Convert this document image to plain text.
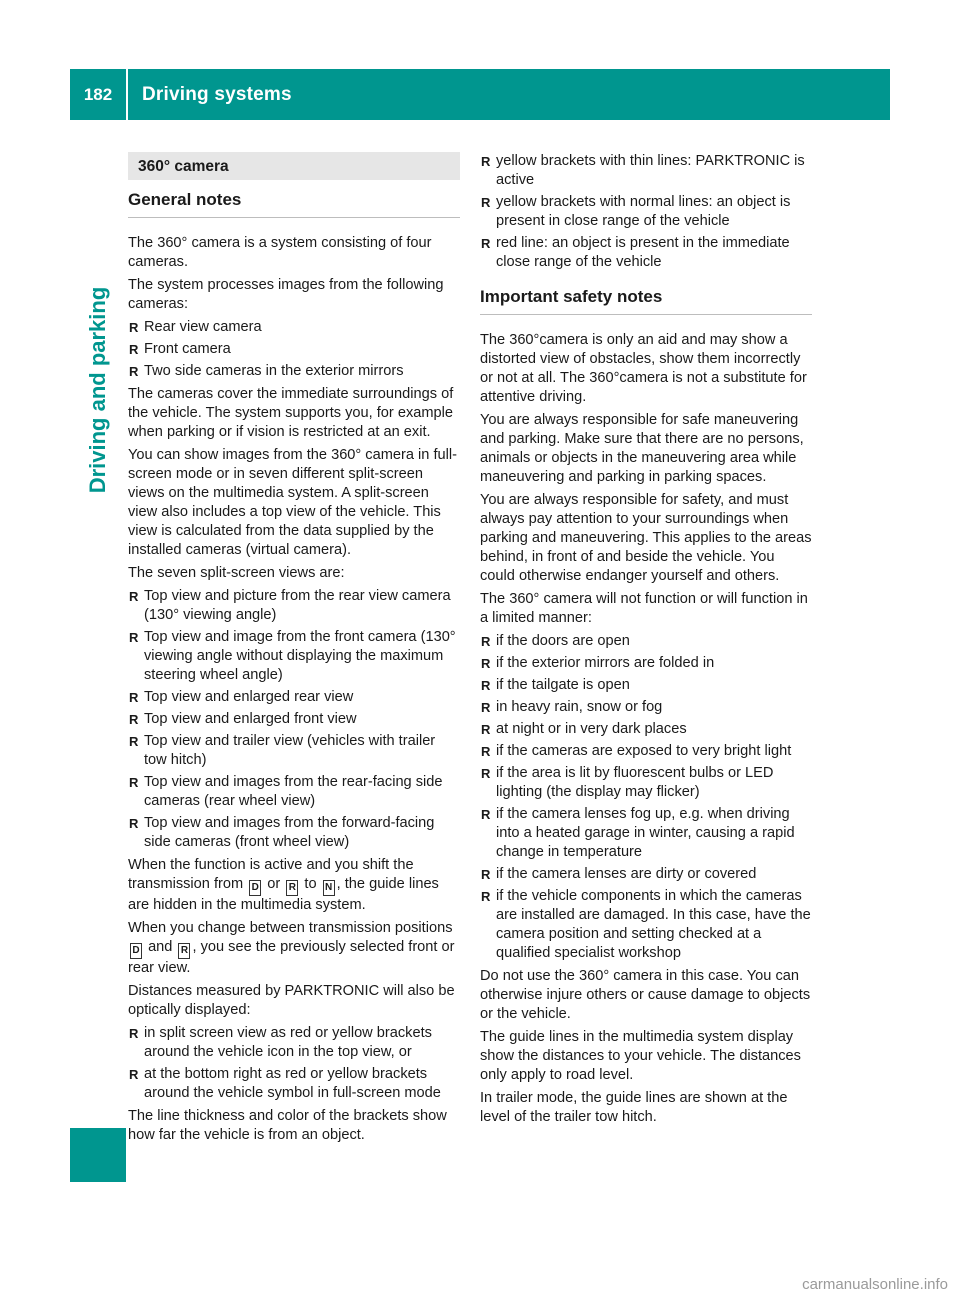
182	Driving systems
Driving and parking
360° camera
General notes

The 360° camera is a system consisting of four cameras.

The system processes images from the following cameras:

R Rear view camera
R Front camera
R Two side cameras in the exterior mirrors

The cameras cover the immediate surroundings of the vehicle. The system supports you, for example when parking or if vision is restricted at an exit.

You can show images from the 360° camera in full-screen mode or in seven different split-screen views on the multimedia system. A split-screen view also includes a top view of the vehicle. This view is calculated from the data supplied by the installed cameras (virtual camera).

The seven split-screen views are:

R Top view and picture from the rear view camera (130° viewing angle)
R Top view and image from the front camera (130° viewing angle without displaying the maximum steering wheel angle)
R Top view and enlarged rear view
R Top view and enlarged front view
R Top view and trailer view (vehicles with trailer tow hitch)
R Top view and images from the rear-facing side cameras (rear wheel view)
R Top view and images from the forward-facing side cameras (front wheel view)

When the function is active and you shift the transmission from D or R to N , the guide lines are hidden in the multimedia system.

When you change between transmission positions D and R , you see the previously selected front or rear view.

Distances measured by PARKTRONIC will also be optically displayed:

R in split screen view as red or yellow brackets around the vehicle icon in the top view, or
R at the bottom right as red or yellow brackets around the vehicle symbol in full-screen mode

The line thickness and color of the brackets show how far the vehicle is from an object.

R yellow brackets with thin lines: PARKTRONIC is active
R yellow brackets with normal lines: an object is present in close range of the vehicle
R red line: an object is present in the immediate close range of the vehicle
Important safety notes

The 360°camera is only an aid and may show a distorted view of obstacles, show them incorrectly or not at all. The 360°camera is not a substitute for attentive driving.

You are always responsible for safe maneuvering and parking. Make sure that there are no persons, animals or objects in the maneuvering area while maneuvering and parking in parking spaces.

You are always responsible for safety, and must always pay attention to your surroundings when parking and maneuvering. This applies to the areas behind, in front of and beside the vehicle. You could otherwise endanger yourself and others.

The 360° camera will not function or will function in a limited manner:

R if the doors are open
R if the exterior mirrors are folded in
R if the tailgate is open
R in heavy rain, snow or fog
R at night or in very dark places
R if the cameras are exposed to very bright light
R if the area is lit by fluorescent bulbs or LED lighting (the display may flicker)
R if the camera lenses fog up, e.g. when driving into a heated garage in winter, causing a rapid change in temperature
R if the camera lenses are dirty or covered
R if the vehicle components in which the cameras are installed are damaged. In this case, have the camera position and setting checked at a qualified specialist workshop

Do not use the 360° camera in this case. You can otherwise injure others or cause damage to objects or the vehicle.

The guide lines in the multimedia system display show the distances to your vehicle. The distances only apply to road level.

In trailer mode, the guide lines are shown at the level of the trailer tow hitch.

carmanualsonline.info
